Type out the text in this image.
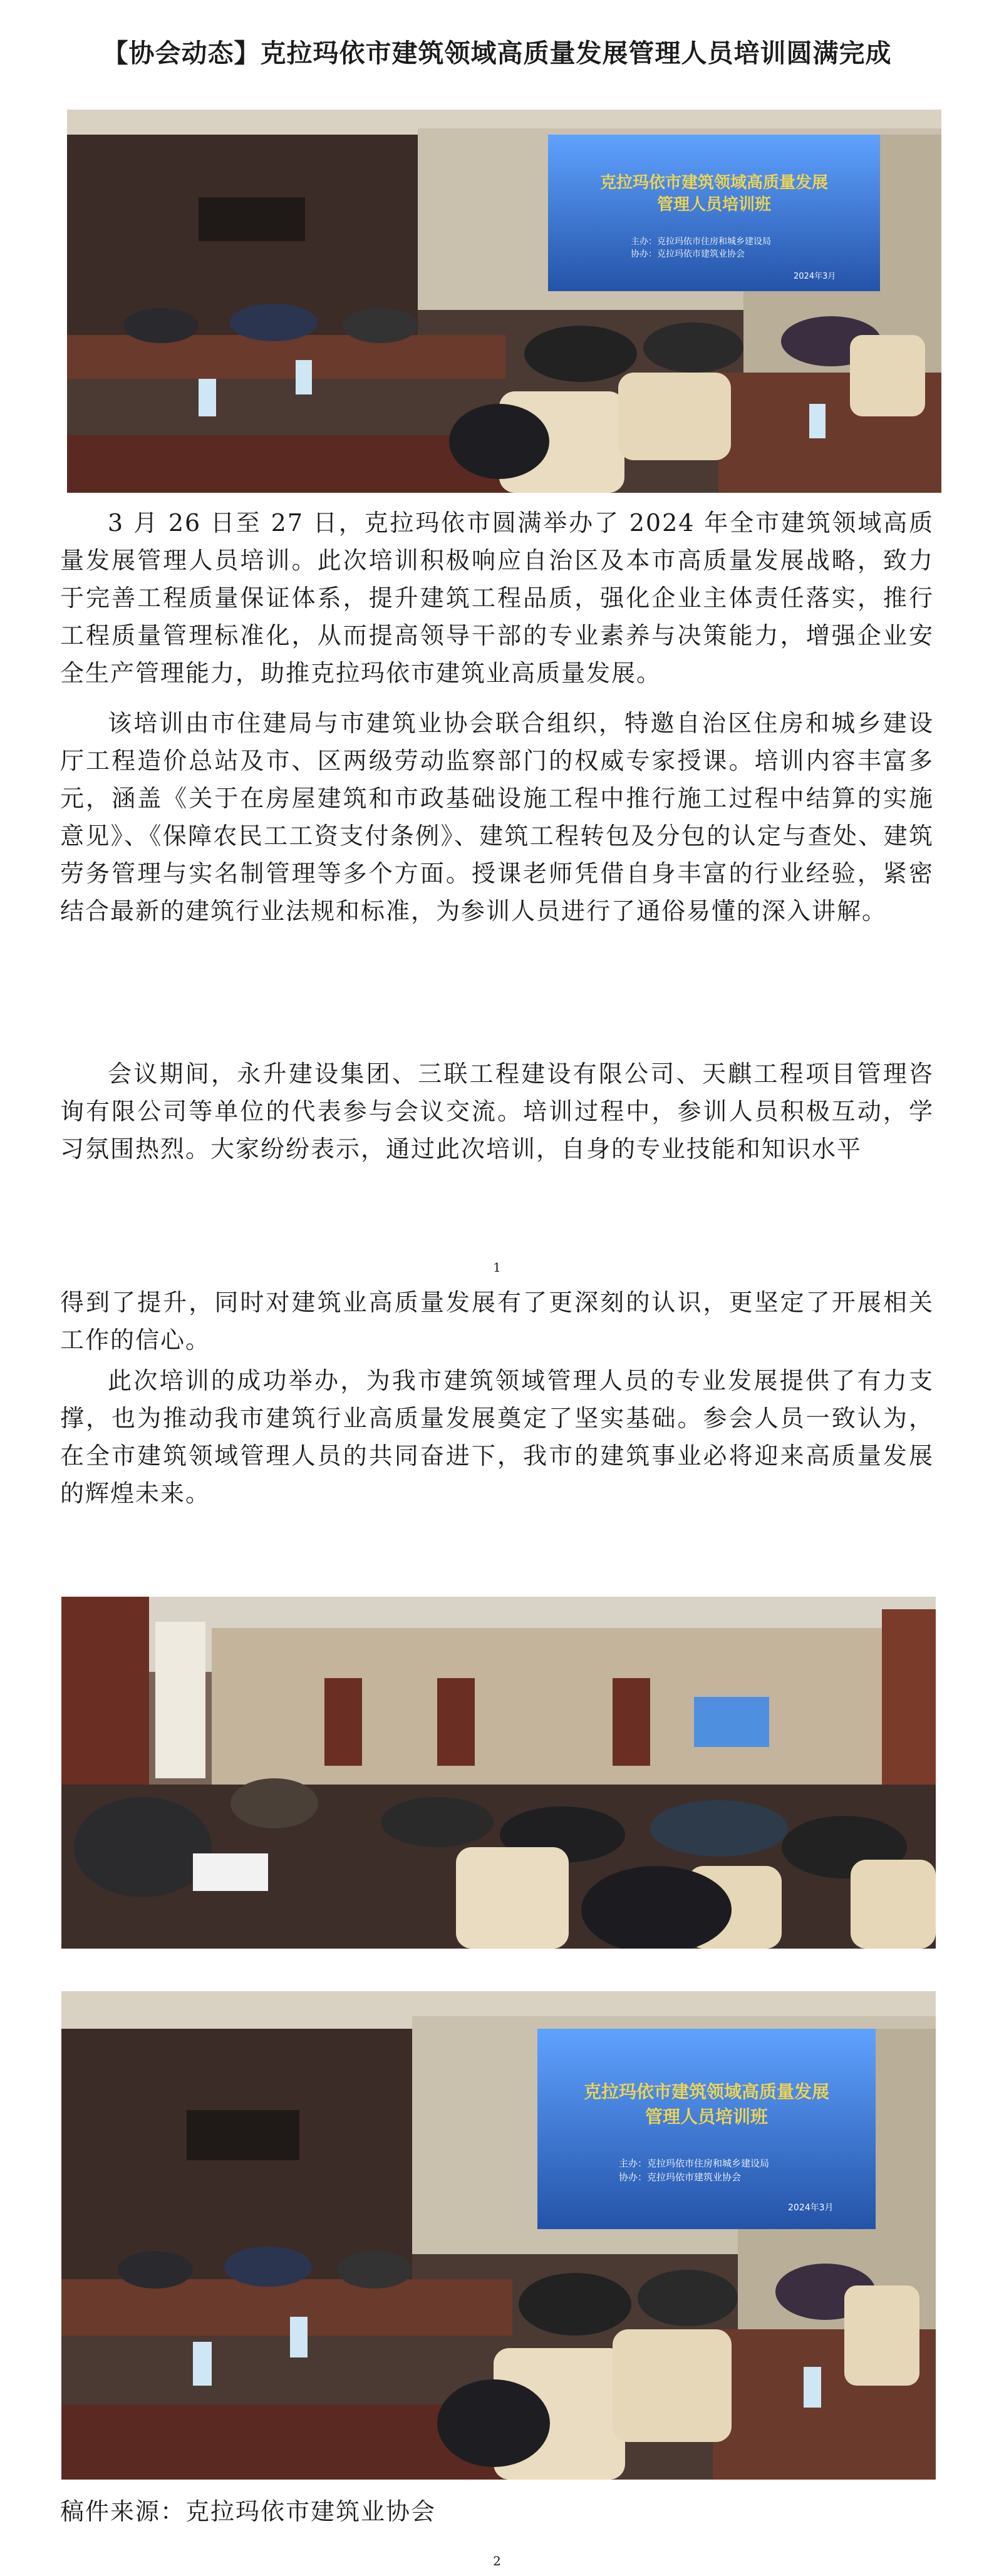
【协会动态】克拉玛依市建筑领域高质量发展管理人员培训圆满完成
克拉玛依市建筑领域高质量发展
管理人员培训班
主办：克拉玛依市住房和城乡建设局
协办：克拉玛依市建筑业协会
2024年3月

3 月 26 日至 27 日，克拉玛依市圆满举办了 2024 年全市建筑领域高质量发展管理人员培训。此次培训积极响应自治区及本市高质量发展战略，致力于完善工程质量保证体系，提升建筑工程品质，强化企业主体责任落实，推行工程质量管理标准化，从而提高领导干部的专业素养与决策能力，增强企业安全生产管理能力，助推克拉玛依市建筑业高质量发展。

该培训由市住建局与市建筑业协会联合组织，特邀自治区住房和城乡建设厅工程造价总站及市、区两级劳动监察部门的权威专家授课。培训内容丰富多元，涵盖《关于在房屋建筑和市政基础设施工程中推行施工过程中结算的实施意见》、《保障农民工工资支付条例》、建筑工程转包及分包的认定与查处、建筑劳务管理与实名制管理等多个方面。授课老师凭借自身丰富的行业经验，紧密结合最新的建筑行业法规和标准，为参训人员进行了通俗易懂的深入讲解。

会议期间，永升建设集团、三联工程建设有限公司、天麒工程项目管理咨询有限公司等单位的代表参与会议交流。培训过程中，参训人员积极互动，学习氛围热烈。大家纷纷表示，通过此次培训，自身的专业技能和知识水平

1

得到了提升，同时对建筑业高质量发展有了更深刻的认识，更坚定了开展相关工作的信心。

此次培训的成功举办，为我市建筑领域管理人员的专业发展提供了有力支撑，也为推动我市建筑行业高质量发展奠定了坚实基础。参会人员一致认为，在全市建筑领域管理人员的共同奋进下，我市的建筑事业必将迎来高质量发展的辉煌未来。

克拉玛依市建筑领域高质量发展
管理人员培训班
主办：克拉玛依市住房和城乡建设局
协办：克拉玛依市建筑业协会
2024年3月
稿件来源：克拉玛依市建筑业协会
2
